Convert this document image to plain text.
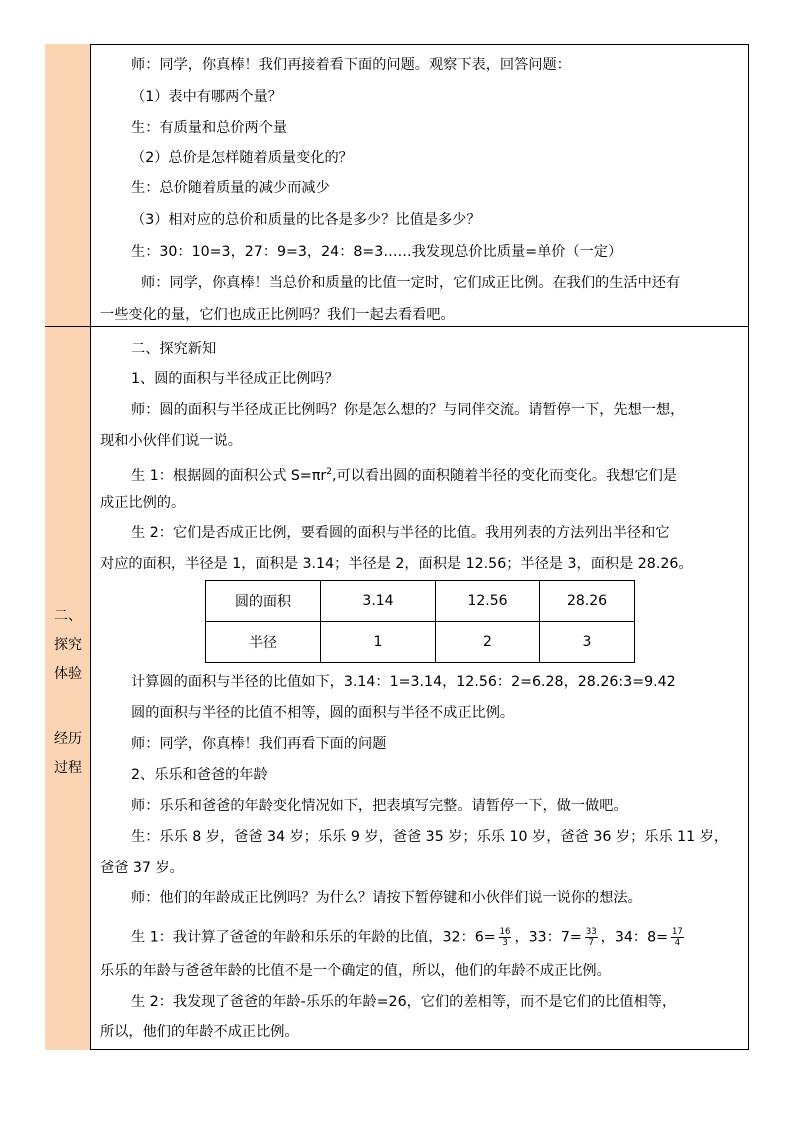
二、
探究
体验
经历
过程
师：同学，你真棒！我们再接着看下面的问题。观察下表，回答问题：
（1）表中有哪两个量？
生：有质量和总价两个量
（2）总价是怎样随着质量变化的？
生：总价随着质量的减少而减少
（3）相对应的总价和质量的比各是多少？比值是多少？
生：30：10=3，27：9=3，24：8=3……我发现总价比质量=单价（一定）
师：同学，你真棒！当总价和质量的比值一定时，它们成正比例。在我们的生活中还有
一些变化的量，它们也成正比例吗？我们一起去看看吧。
二、探究新知
1、圆的面积与半径成正比例吗？
师：圆的面积与半径成正比例吗？你是怎么想的？与同伴交流。请暂停一下，先想一想，
现和小伙伴们说一说。
生 1：根据圆的面积公式 $S=\pi r^2$,可以看出圆的面积随着半径的变化而变化。我想它们是
成正比例的。
生 2：它们是否成正比例，要看圆的面积与半径的比值。我用列表的方法列出半径和它
对应的面积，半径是 1，面积是 3.14；半径是 2，面积是 12.56；半径是 3，面积是 28.26。
圆的面积	3.14	12.56	28.26
半径	1	2	3
计算圆的面积与半径的比值如下，3.14：1=3.14，12.56：2=6.28，28.26:3=9.42
圆的面积与半径的比值不相等，圆的面积与半径不成正比例。
师：同学，你真棒！我们再看下面的问题
2、乐乐和爸爸的年龄
师：乐乐和爸爸的年龄变化情况如下，把表填写完整。请暂停一下，做一做吧。
生：乐乐 8 岁，爸爸 34 岁；乐乐 9 岁，爸爸 35 岁；乐乐 10 岁，爸爸 36 岁；乐乐 11 岁，
爸爸 37 岁。
师：他们的年龄成正比例吗？为什么？请按下暂停键和小伙伴们说一说你的想法。
生 1：我计算了爸爸的年龄和乐乐的年龄的比值，32：$6= \frac{16}{3}$ ，33：$7= \frac{33}{7}$ ，34：$8= \frac{17}{4}$
乐乐的年龄与爸爸年龄的比值不是一个确定的值，所以，他们的年龄不成正比例。
生 2：我发现了爸爸的年龄-乐乐的年龄=26，它们的差相等，而不是它们的比值相等，
所以，他们的年龄不成正比例。
